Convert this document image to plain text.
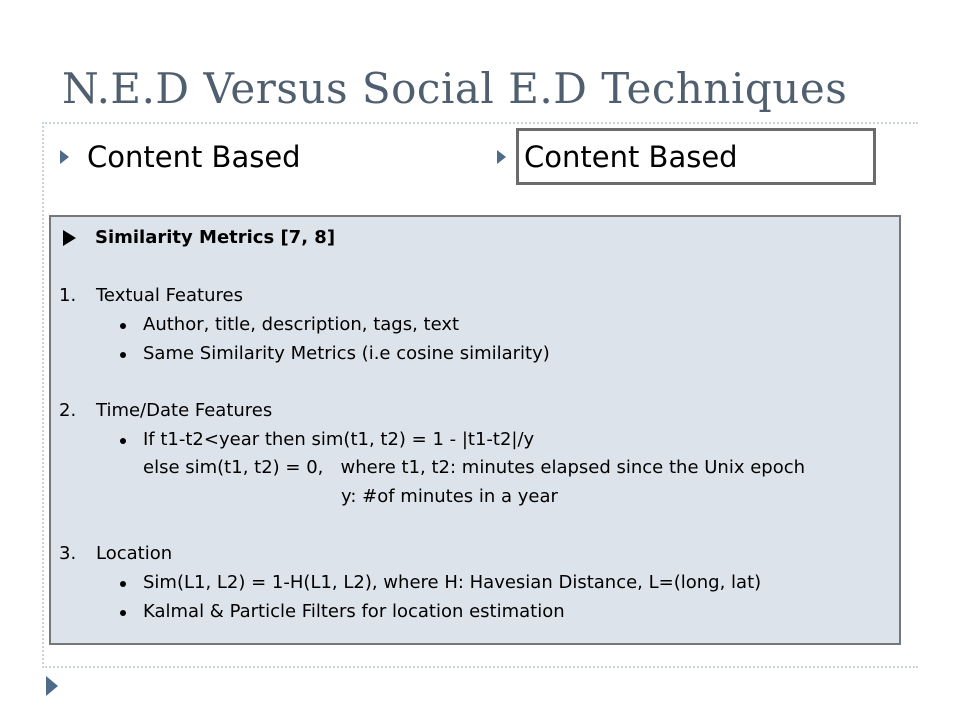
N.E.D Versus Social E.D Techniques
Content Based	Content Based
Similarity Metrics [7, 8]
1. Textual Features
Author, title, description, tags, text
Same Similarity Metrics (i.e cosine similarity)
2. Time/Date Features
If t1-t2<year then sim(t1, t2) = 1 - |t1-t2|/y
else sim(t1, t2) = 0,   where t1, t2: minutes elapsed since the Unix epoch
y: #of minutes in a year
3. Location
Sim(L1, L2) = 1-H(L1, L2), where H: Havesian Distance, L=(long, lat)
Kalmal & Particle Filters for location estimation
